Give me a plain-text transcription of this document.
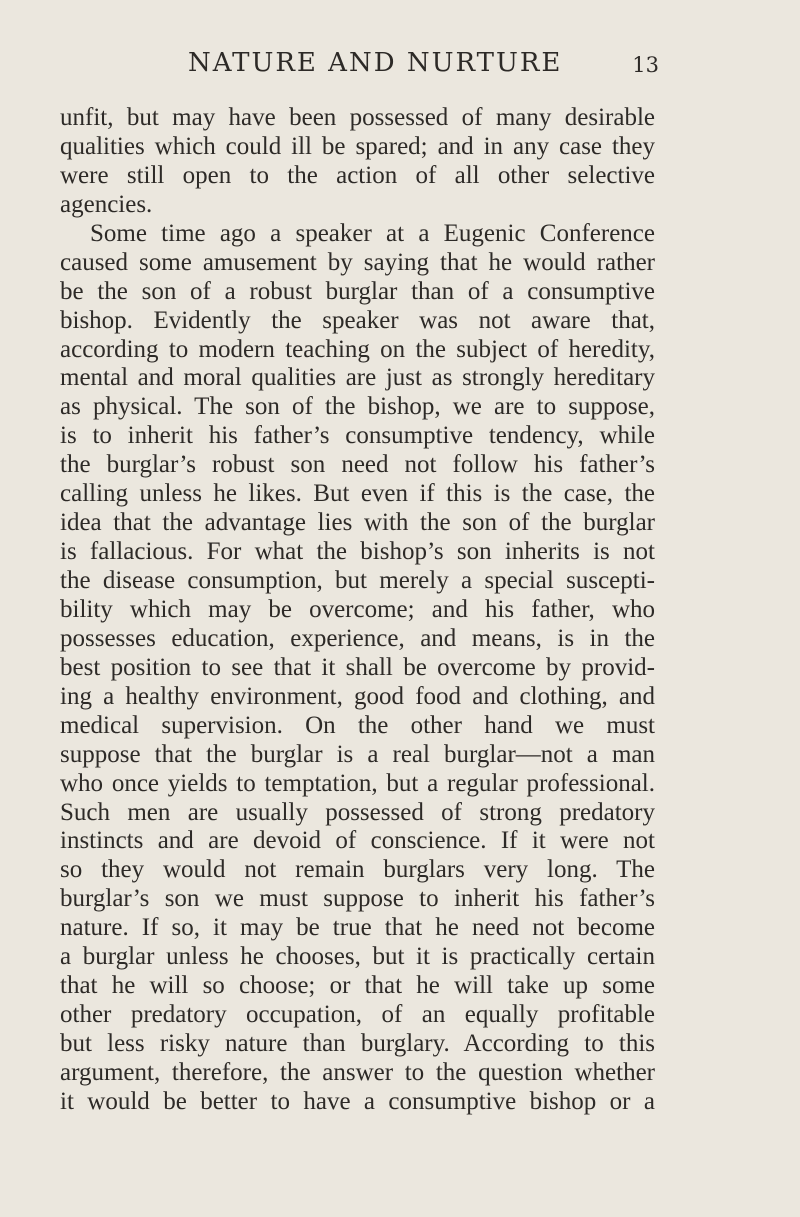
NATURE AND NURTURE	13
unfit, but may have been possessed of many desirable
qualities which could ill be spared; and in any case they
were still open to the action of all other selective
agencies.
Some time ago a speaker at a Eugenic Conference
caused some amusement by saying that he would rather
be the son of a robust burglar than of a consumptive
bishop. Evidently the speaker was not aware that,
according to modern teaching on the subject of heredity,
mental and moral qualities are just as strongly hereditary
as physical. The son of the bishop, we are to suppose,
is to inherit his father’s consumptive tendency, while
the burglar’s robust son need not follow his father’s
calling unless he likes. But even if this is the case, the
idea that the advantage lies with the son of the burglar
is fallacious. For what the bishop’s son inherits is not
the disease consumption, but merely a special suscepti-
bility which may be overcome; and his father, who
possesses education, experience, and means, is in the
best position to see that it shall be overcome by provid-
ing a healthy environment, good food and clothing, and
medical supervision. On the other hand we must
suppose that the burglar is a real burglar—not a man
who once yields to temptation, but a regular professional.
Such men are usually possessed of strong predatory
instincts and are devoid of conscience. If it were not
so they would not remain burglars very long. The
burglar’s son we must suppose to inherit his father’s
nature. If so, it may be true that he need not become
a burglar unless he chooses, but it is practically certain
that he will so choose; or that he will take up some
other predatory occupation, of an equally profitable
but less risky nature than burglary. According to this
argument, therefore, the answer to the question whether
it would be better to have a consumptive bishop or a
